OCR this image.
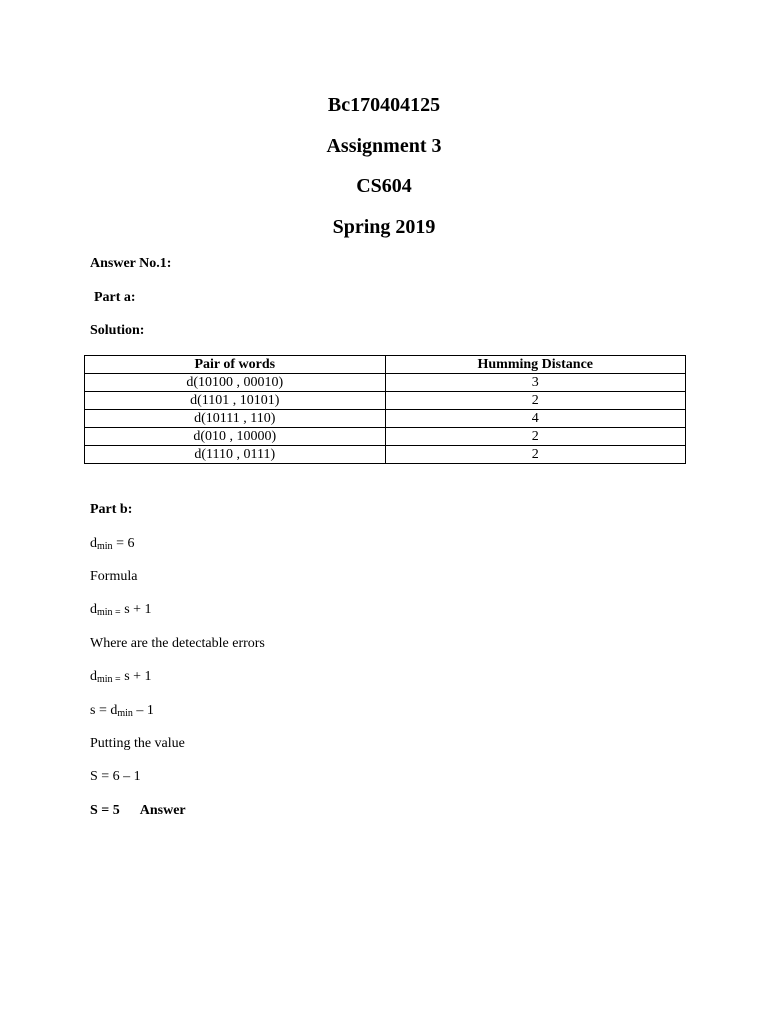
Bc170404125
Assignment 3
CS604
Spring 2019
Answer No.1:
Part a:
Solution:
Pair of words	Humming Distance
d(10100 , 00010)	3
d(1101 , 10101)	2
d(10111 , 110)	4
d(010 , 10000)	2
d(1110 , 0111)	2
Part b:
$d_{min} = 6$
Formula
$d_{min =}$ s + 1
Where are the detectable errors
$d_{min =}$ s + 1
$s = d_{min} - 1$
Putting the value
S = 6 – 1
S = 5 Answer
